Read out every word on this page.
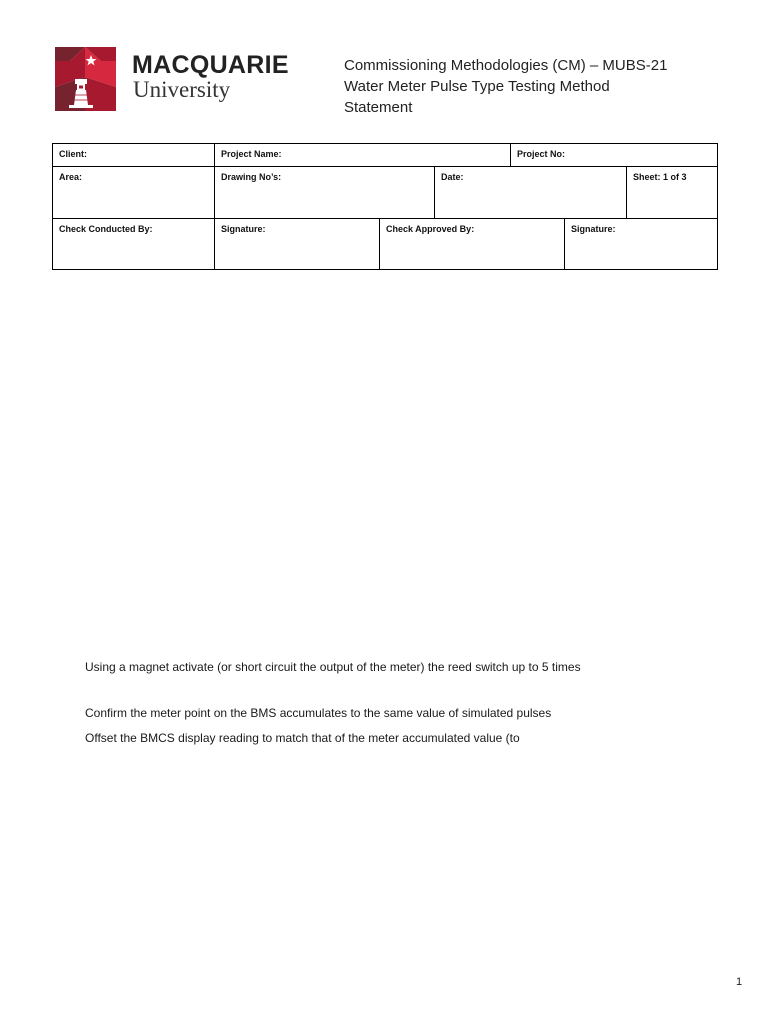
MACQUARIE
University
Commissioning Methodologies (CM) – MUBS-21
Water Meter Pulse Type Testing Method
Statement
Client:	Project Name:	Project No:
Area:	Drawing No’s:	Date:	Sheet: 1 of 3
Check Conducted By:	Signature:	Check Approved By:	Signature:
Using a magnet activate (or short circuit the output of the meter) the reed switch up to 5 times
Confirm the meter point on the BMS accumulates to the same value of simulated pulses
Offset the BMCS display reading to match that of the meter accumulated value (to
1
